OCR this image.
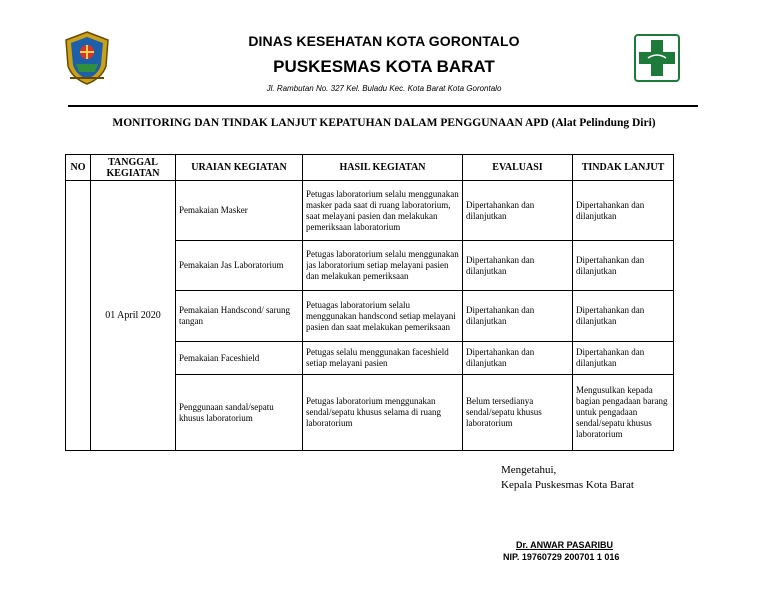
DINAS KESEHATAN KOTA GORONTALO
PUSKESMAS KOTA BARAT
Jl. Rambutan No. 327 Kel. Buladu Kec. Kota Barat Kota Gorontalo
MONITORING DAN TINDAK LANJUT KEPATUHAN DALAM PENGGUNAAN APD (Alat Pelindung Diri)
NO	TANGGAL KEGIATAN	URAIAN KEGIATAN	HASIL KEGIATAN	EVALUASI	TINDAK LANJUT
	01 April 2020	Pemakaian Masker	Petugas laboratorium selalu menggunakan masker pada saat di ruang laboratorium, saat melayani pasien dan melakukan pemeriksaan laboratorium	Dipertahankan dan dilanjutkan	Dipertahankan dan dilanjutkan
		Pemakaian Jas Laboratorium	Petugas laboratorium selalu menggunakan jas laboratorium setiap melayani pasien dan melakukan pemeriksaan	Dipertahankan dan dilanjutkan	Dipertahankan dan dilanjutkan
		Pemakaian Handscond/ sarung tangan	Petuagas laboratorium selalu menggunakan handscond setiap melayani pasien dan saat melakukan pemeriksaan	Dipertahankan dan dilanjutkan	Dipertahankan dan dilanjutkan
		Pemakaian Faceshield	Petugas selalu menggunakan faceshield setiap melayani pasien	Dipertahankan dan dilanjutkan	Dipertahankan dan dilanjutkan
		Penggunaan sandal/sepatu khusus laboratorium	Petugas laboratorium menggunakan sendal/sepatu khusus selama di ruang laboratorium	Belum tersedianya sendal/sepatu khusus laboratorium	Mengusulkan kepada bagian pengadaan barang untuk pengadaan sendal/sepatu khusus laboratorium
Mengetahui,
Kepala Puskesmas Kota Barat
Dr. ANWAR PASARIBU
NIP. 19760729 200701 1 016
